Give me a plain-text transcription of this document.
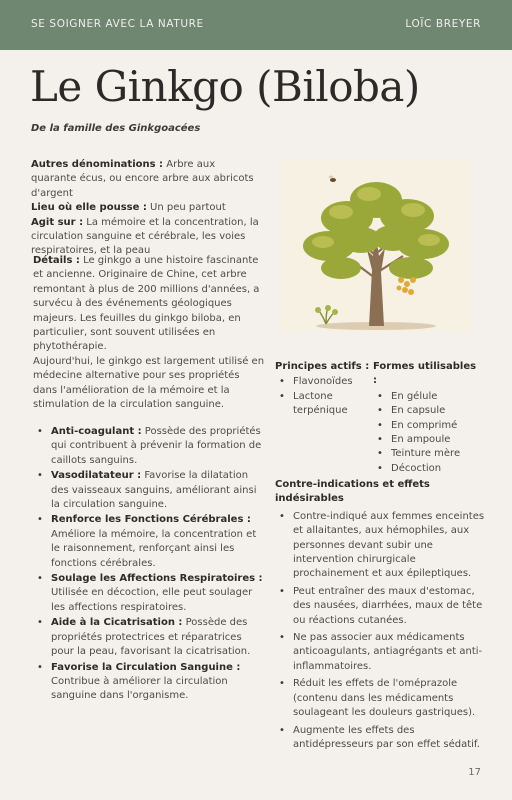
SE SOIGNER AVEC LA NATURE	LOÏC BREYER
Le Ginkgo (Biloba)
De la famille des Ginkgoacées
Autres dénominations : Arbre aux quarante écus, ou encore arbre aux abricots d'argent
Lieu où elle pousse : Un peu partout
Agit sur : La mémoire et la concentration, la circulation sanguine et cérébrale, les voies respiratoires, et la peau
Détails : Le ginkgo a une histoire fascinante et ancienne. Originaire de Chine, cet arbre remontant à plus de 200 millions d'années, a survécu à des événements géologiques majeurs. Les feuilles du ginkgo biloba, en particulier, sont souvent utilisées en phytothérapie.
Aujourd'hui, le ginkgo est largement utilisé en médecine alternative pour ses propriétés dans l'amélioration de la mémoire et la stimulation de la circulation sanguine.
• Anti-coagulant : Possède des propriétés qui contribuent à prévenir la formation de caillots sanguins.
• Vasodilatateur : Favorise la dilatation des vaisseaux sanguins, améliorant ainsi la circulation sanguine.
• Renforce les Fonctions Cérébrales : Améliore la mémoire, la concentration et le raisonnement, renforçant ainsi les fonctions cérébrales.
• Soulage les Affections Respiratoires : Utilisée en décoction, elle peut soulager les affections respiratoires.
• Aide à la Cicatrisation : Possède des propriétés protectrices et réparatrices pour la peau, favorisant la cicatrisation.
• Favorise la Circulation Sanguine : Contribue à améliorer la circulation sanguine dans l'organisme.
Principes actifs :
• Flavonoïdes
• Lactone terpénique
Formes utilisables :
• En gélule
• En capsule
• En comprimé
• En ampoule
• Teinture mère
• Décoction
Contre-indications et effets indésirables
• Contre-indiqué aux femmes enceintes et allaitantes, aux hémophiles, aux personnes devant subir une intervention chirurgicale prochainement et aux épileptiques.
• Peut entraîner des maux d'estomac, des nausées, diarrhées, maux de tête ou réactions cutanées.
• Ne pas associer aux médicaments anticoagulants, antiagrégants et anti-inflammatoires.
• Réduit les effets de l'oméprazole (contenu dans les médicaments soulageant les douleurs gastriques).
• Augmente les effets des antidépresseurs par son effet sédatif.
17
